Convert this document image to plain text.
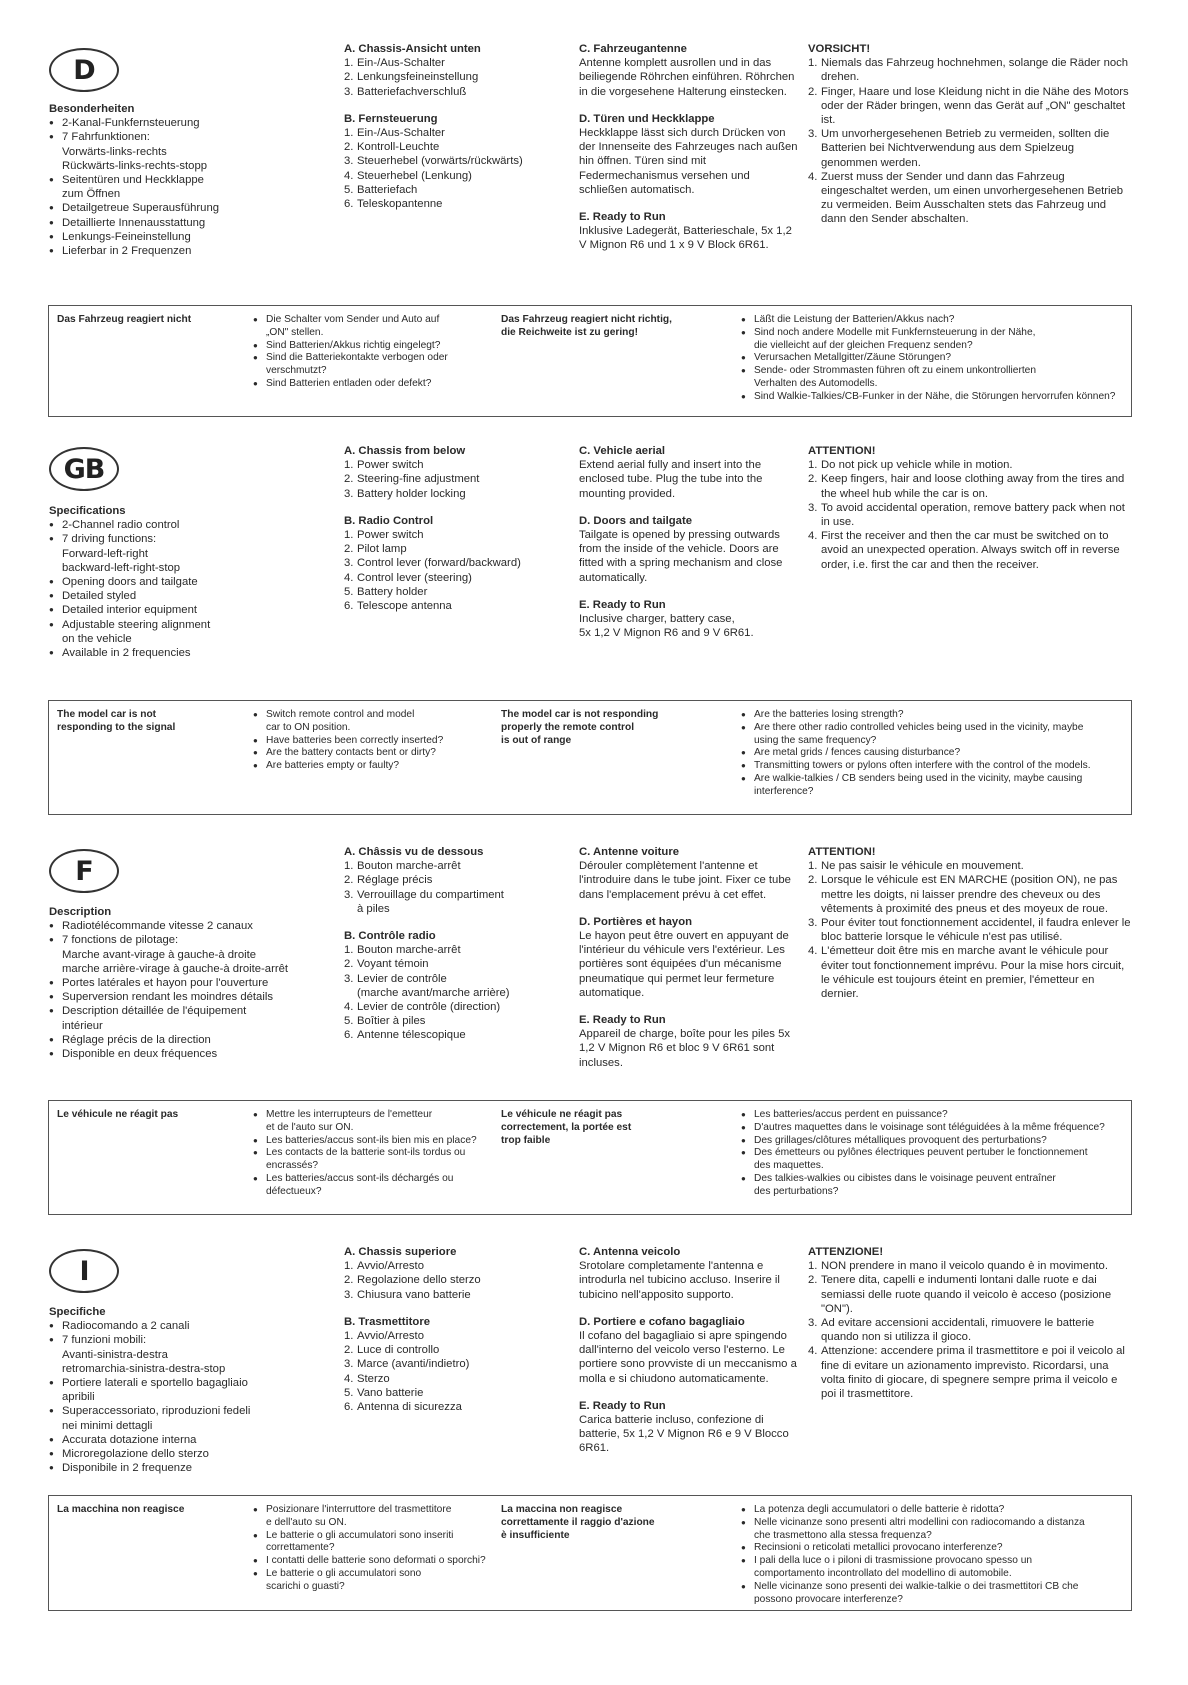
D
Besonderheiten
● 2-Kanal-Funkfernsteuerung
● 7 Fahrfunktionen:
Vorwärts-links-rechts
Rückwärts-links-rechts-stopp
● Seitentüren und Heckklappe
zum Öffnen
● Detailgetreue Superausführung
● Detaillierte Innenausstattung
● Lenkungs-Feineinstellung
● Lieferbar in 2 Frequenzen
A. Chassis-Ansicht unten
1. Ein-/Aus-Schalter
2. Lenkungsfeineinstellung
3. Batteriefachverschluß
B. Fernsteuerung
1. Ein-/Aus-Schalter
2. Kontroll-Leuchte
3. Steuerhebel (vorwärts/rückwärts)
4. Steuerhebel (Lenkung)
5. Batteriefach
6. Teleskopantenne
C. Fahrzeugantenne
Antenne komplett ausrollen und in das beiliegende Röhrchen einführen. Röhrchen in die vorgesehene Halterung einstecken.
D. Türen und Heckklappe
Heckklappe lässt sich durch Drücken von der Innenseite des Fahrzeuges nach außen hin öffnen. Türen sind mit Federmechanismus versehen und schließen automatisch.
E. Ready to Run
Inklusive Ladegerät, Batterieschale, 5x 1,2 V Mignon R6 und 1 x 9 V Block 6R61.
VORSICHT!
1. Niemals das Fahrzeug hochnehmen, solange die Räder noch drehen.
2. Finger, Haare und lose Kleidung nicht in die Nähe des Motors oder der Räder bringen, wenn das Gerät auf „ON" geschaltet ist.
3. Um unvorhergesehenen Betrieb zu vermeiden, sollten die Batterien bei Nichtverwendung aus dem Spielzeug genommen werden.
4. Zuerst muss der Sender und dann das Fahrzeug eingeschaltet werden, um einen unvorhergesehenen Betrieb zu vermeiden. Beim Ausschalten stets das Fahrzeug und dann den Sender abschalten.
Das Fahrzeug reagiert nicht	● Die Schalter vom Sender und Auto auf
„ON" stellen.
● Sind Batterien/Akkus richtig eingelegt?
● Sind die Batteriekontakte verbogen oder
verschmutzt?
● Sind Batterien entladen oder defekt?
Das Fahrzeug reagiert nicht richtig,
die Reichweite ist zu gering!
● Läßt die Leistung der Batterien/Akkus nach?
● Sind noch andere Modelle mit Funkfernsteuerung in der Nähe,
die vielleicht auf der gleichen Frequenz senden?
● Verursachen Metallgitter/Zäune Störungen?
● Sende- oder Strommasten führen oft zu einem unkontrollierten
Verhalten des Automodells.
● Sind Walkie-Talkies/CB-Funker in der Nähe, die Störungen hervorrufen können?
GB
Specifications
● 2-Channel radio control
● 7 driving functions:
Forward-left-right
backward-left-right-stop
● Opening doors and tailgate
● Detailed styled
● Detailed interior equipment
● Adjustable steering alignment
on the vehicle
● Available in 2 frequencies
A. Chassis from below
1. Power switch
2. Steering-fine adjustment
3. Battery holder locking
B. Radio Control
1. Power switch
2. Pilot lamp
3. Control lever (forward/backward)
4. Control lever (steering)
5. Battery holder
6. Telescope antenna
C. Vehicle aerial
Extend aerial fully and insert into the enclosed tube. Plug the tube into the mounting provided.
D. Doors and tailgate
Tailgate is opened by pressing outwards from the inside of the vehicle. Doors are fitted with a spring mechanism and close automatically.
E. Ready to Run
Inclusive charger, battery case,
5x 1,2 V Mignon R6 and 9 V 6R61.
ATTENTION!
1. Do not pick up vehicle while in motion.
2. Keep fingers, hair and loose clothing away from the tires and the wheel hub while the car is on.
3. To avoid accidental operation, remove battery pack when not in use.
4. First the receiver and then the car must be switched on to avoid an unexpected operation. Always switch off in reverse order, i.e. first the car and then the receiver.
The model car is not
responding to the signal
● Switch remote control and model
car to ON position.
● Have batteries been correctly inserted?
● Are the battery contacts bent or dirty?
● Are batteries empty or faulty?
The model car is not responding
properly the remote control
is out of range
● Are the batteries losing strength?
● Are there other radio controlled vehicles being used in the vicinity, maybe
using the same frequency?
● Are metal grids / fences causing disturbance?
● Transmitting towers or pylons often interfere with the control of the models.
● Are walkie-talkies / CB senders being used in the vicinity, maybe causing
interference?
F
Description
● Radiotélécommande vitesse 2 canaux
● 7 fonctions de pilotage:
Marche avant-virage à gauche-à droite
marche arrière-virage à gauche-à droite-arrêt
● Portes latérales et hayon pour l'ouverture
● Superversion rendant les moindres détails
● Description détaillée de l'équipement intérieur
● Réglage précis de la direction
● Disponible en deux fréquences
A. Châssis vu de dessous
1. Bouton marche-arrêt
2. Réglage précis
3. Verrouillage du compartiment
à piles
B. Contrôle radio
1. Bouton marche-arrêt
2. Voyant témoin
3. Levier de contrôle
(marche avant/marche arrière)
4. Levier de contrôle (direction)
5. Boîtier à piles
6. Antenne télescopique
C. Antenne voiture
Dérouler complètement l'antenne et l'introduire dans le tube joint. Fixer ce tube dans l'emplacement prévu à cet effet.
D. Portières et hayon
Le hayon peut être ouvert en appuyant de l'intérieur du véhicule vers l'extérieur. Les portières sont équipées d'un mécanisme pneumatique qui permet leur fermeture automatique.
E. Ready to Run
Appareil de charge, boîte pour les piles 5x 1,2 V Mignon R6 et bloc 9 V 6R61 sont incluses.
ATTENTION!
1. Ne pas saisir le véhicule en mouvement.
2. Lorsque le véhicule est EN MARCHE (position ON), ne pas mettre les doigts, ni laisser prendre des cheveux ou des vêtements à proximité des pneus et des moyeux de roue.
3. Pour éviter tout fonctionnement accidentel, il faudra enlever le bloc batterie lorsque le véhicule n'est pas utilisé.
4. L'émetteur doit être mis en marche avant le véhicule pour éviter tout fonctionnement imprévu. Pour la mise hors circuit, le véhicule est toujours éteint en premier, l'émetteur en dernier.
Le véhicule ne réagit pas	● Mettre les interrupteurs de l'emetteur
et de l'auto sur ON.
● Les batteries/accus sont-ils bien mis en place?
● Les contacts de la batterie sont-ils tordus ou
encrassés?
● Les batteries/accus sont-ils déchargés ou
défectueux?
Le véhicule ne réagit pas
correctement, la portée est
trop faible
● Les batteries/accus perdent en puissance?
● D'autres maquettes dans le voisinage sont téléguidées à la même fréquence?
● Des grillages/clôtures métalliques provoquent des perturbations?
● Des émetteurs ou pylônes électriques peuvent pertuber le fonctionnement
des maquettes.
● Des talkies-walkies ou cibistes dans le voisinage peuvent entraîner
des perturbations?
I
Specifiche
● Radiocomando a 2 canali
● 7 funzioni mobili:
Avanti-sinistra-destra
retromarchia-sinistra-destra-stop
● Portiere laterali e sportello bagagliaio
apribili
● Superaccessoriato, riproduzioni fedeli
nei minimi dettagli
● Accurata dotazione interna
● Microregolazione dello sterzo
● Disponibile in 2 frequenze
A. Chassis superiore
1. Avvio/Arresto
2. Regolazione dello sterzo
3. Chiusura vano batterie
B. Trasmettitore
1. Avvio/Arresto
2. Luce di controllo
3. Marce (avanti/indietro)
4. Sterzo
5. Vano batterie
6. Antenna di sicurezza
C. Antenna veicolo
Srotolare completamente l'antenna e introdurla nel tubicino accluso. Inserire il tubicino nell'apposito supporto.
D. Portiere e cofano bagagliaio
Il cofano del bagagliaio si apre spingendo dall'interno del veicolo verso l'esterno. Le portiere sono provviste di un meccanismo a molla e si chiudono automaticamente.
E. Ready to Run
Carica batterie incluso, confezione di batterie, 5x 1,2 V Mignon R6 e 9 V Blocco 6R61.
ATTENZIONE!
1. NON prendere in mano il veicolo quando è in movimento.
2. Tenere dita, capelli e indumenti lontani dalle ruote e dai semiassi delle ruote quando il veicolo è acceso (posizione "ON").
3. Ad evitare accensioni accidentali, rimuovere le batterie quando non si utilizza il gioco.
4. Attenzione: accendere prima il trasmettitore e poi il veicolo al fine di evitare un azionamento imprevisto. Ricordarsi, una volta finito di giocare, di spegnere sempre prima il veicolo e poi il trasmettitore.
La macchina non reagisce	● Posizionare l'interruttore del trasmettitore
e dell'auto su ON.
● Le batterie o gli accumulatori sono inseriti
correttamente?
● I contatti delle batterie sono deformati o sporchi?
● Le batterie o gli accumulatori sono
scarichi o guasti?
La maccina non reagisce
correttamente il raggio d'azione
è insufficiente
● La potenza degli accumulatori o delle batterie è ridotta?
● Nelle vicinanze sono presenti altri modellini con radiocomando a distanza
che trasmettono alla stessa frequenza?
● Recinsioni o reticolati metallici provocano interferenze?
● I pali della luce o i piloni di trasmissione provocano spesso un
comportamento incontrollato del modellino di automobile.
● Nelle vicinanze sono presenti dei walkie-talkie o dei trasmettitori CB che
possono provocare interferenze?
